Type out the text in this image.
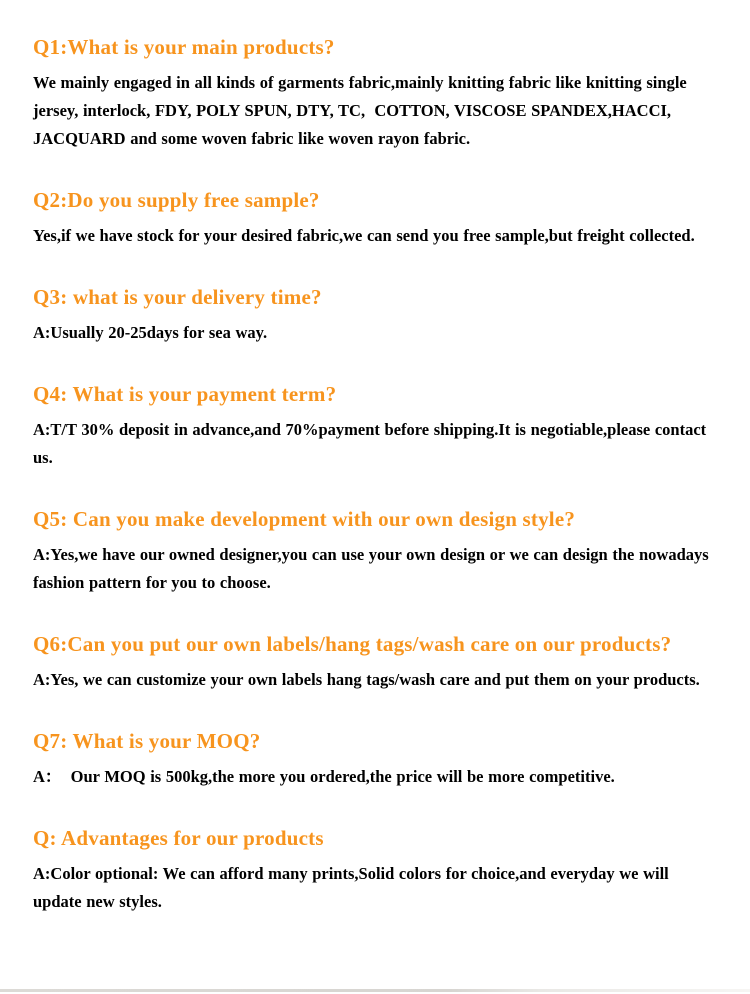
Q1:What is your main products?

We mainly engaged in all kinds of garments fabric,mainly knitting fabric like knitting single jersey, interlock, FDY, POLY SPUN, DTY, TC,  COTTON, VISCOSE SPANDEX,HACCI, JACQUARD and some woven fabric like woven rayon fabric.

Q2:Do you supply free sample?

Yes,if we have stock for your desired fabric,we can send you free sample,but freight collected.

Q3: what is your delivery time?

A:Usually 20-25days for sea way.

Q4: What is your payment term?

A:T/T 30% deposit in advance,and 70%payment before shipping.It is negotiable,please contact us.

Q5: Can you make development with our own design style?

A:Yes,we have our owned designer,you can use your own design or we can design the nowadays fashion pattern for you to choose.

Q6:Can you put our own labels/hang tags/wash care on our products?

A:Yes, we can customize your own labels hang tags/wash care and put them on your products.

Q7: What is your MOQ?

A：  Our MOQ is 500kg,the more you ordered,the price will be more competitive.

Q: Advantages for our products

A:Color optional: We can afford many prints,Solid colors for choice,and everyday we will update new styles.
